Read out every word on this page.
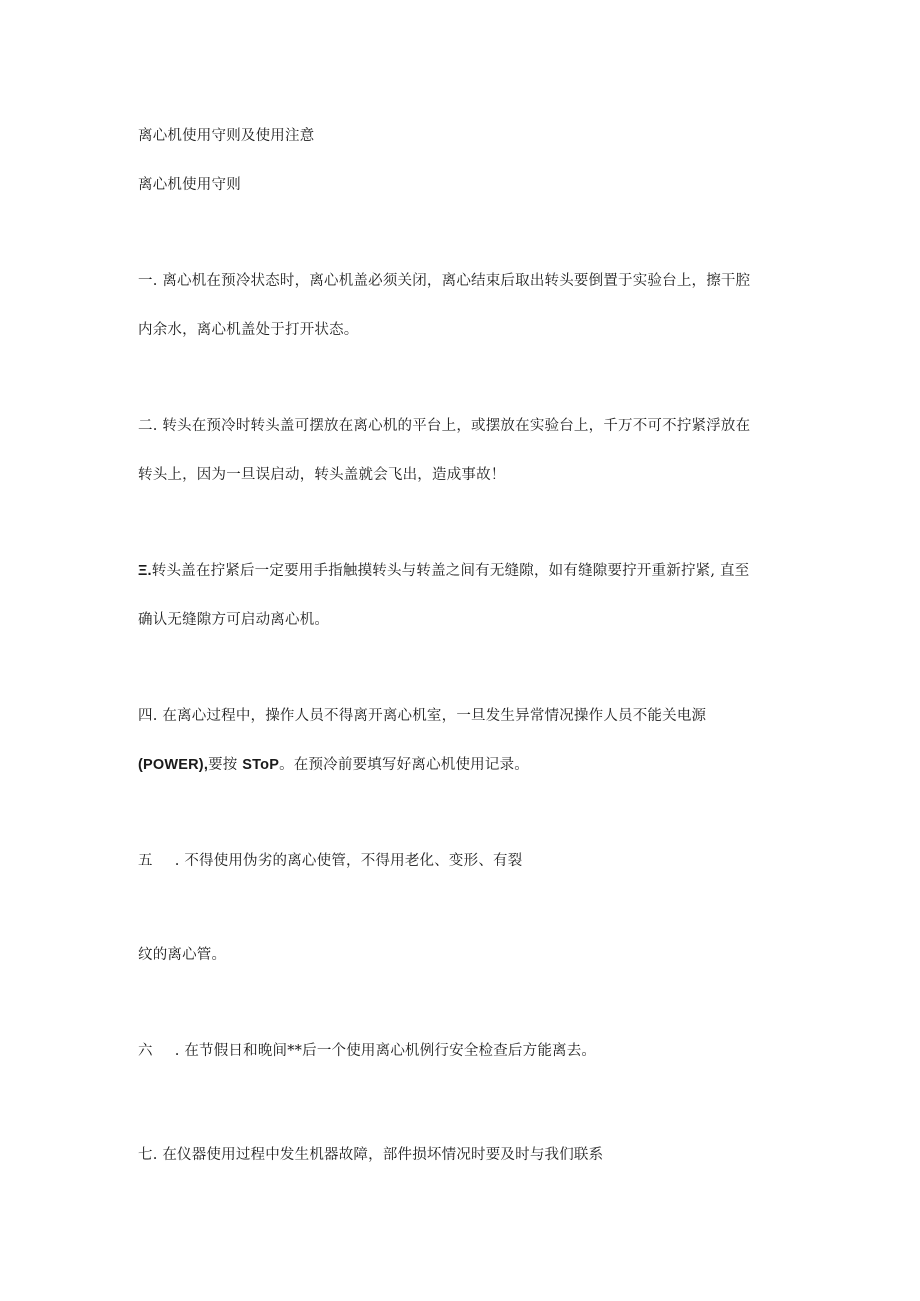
离心机使用守则及使用注意
离心机使用守则
一. 离心机在预冷状态时，离心机盖必须关闭，离心结束后取出转头要倒置于实验台上，擦干腔
内余水，离心机盖处于打开状态。
二. 转头在预冷时转头盖可摆放在离心机的平台上，或摆放在实验台上，千万不可不拧紧浮放在
转头上，因为一旦误启动，转头盖就会飞出，造成事故！
Ξ.转头盖在拧紧后一定要用手指触摸转头与转盖之间有无缝隙，如有缝隙要拧开重新拧紧, 直至
确认无缝隙方可启动离心机。
四. 在离心过程中，操作人员不得离开离心机室，一旦发生异常情况操作人员不能关电源
(POWER),要按 SToP。在预冷前要填写好离心机使用记录。
五 . 不得使用伪劣的离心使管，不得用老化、变形、有裂
纹的离心管。
六 . 在节假日和晚间**后一个使用离心机例行安全检查后方能离去。
七. 在仪器使用过程中发生机器故障，部件损坏情况时要及时与我们联系
